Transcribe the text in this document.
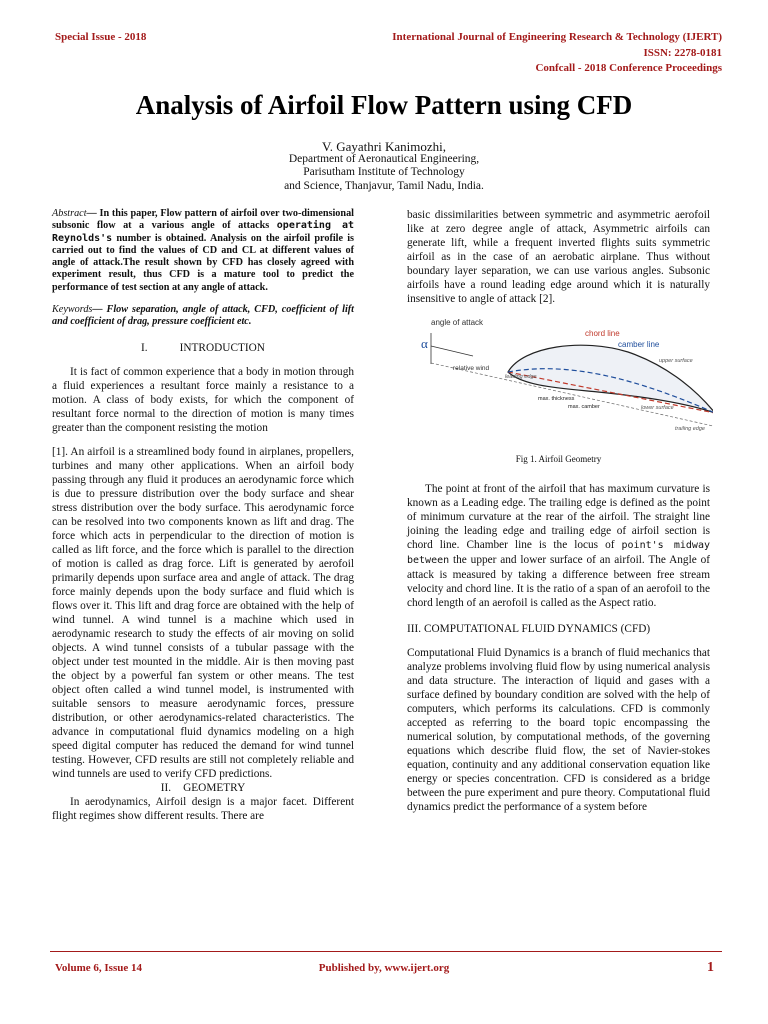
Special Issue - 2018	International Journal of Engineering Research & Technology (IJERT)
ISSN: 2278-0181
Confcall - 2018 Conference Proceedings
Analysis of Airfoil Flow Pattern using CFD
V. Gayathri Kanimozhi,
Department of Aeronautical Engineering,
Parisutham Institute of Technology
and Science, Thanjavur, Tamil Nadu, India.

Abstract— In this paper, Flow pattern of airfoil over two-dimensional subsonic flow at a various angle of attacks operating at Reynolds's number is obtained. Analysis on the airfoil profile is carried out to find the values of CD and CL at different values of angle of attack.The result shown by CFD has closely agreed with experiment result, thus CFD is a mature tool to predict the performance of test section at any angle of attack.

Keywords— Flow separation, angle of attack, CFD, coefficient of lift and coefficient of drag, pressure coefficient etc.

I.	INTRODUCTION

It is fact of common experience that a body in motion through a fluid experiences a resultant force mainly a resistance to a motion. A class of body exists, for which the component of resultant force normal to the direction of motion is many times greater than the component resisting the motion

[1]. An airfoil is a streamlined body found in airplanes, propellers, turbines and many other applications. When an airfoil body passing through any fluid it produces an aerodynamic force which is due to pressure distribution over the body surface and shear stress distribution over the body surface. This aerodynamic force can be resolved into two components known as lift and drag. The force which acts in perpendicular to the direction of motion is called as lift force, and the force which is parallel to the direction of motion is called as drag force. Lift is generated by aerofoil primarily depends upon surface area and angle of attack. The drag force mainly depends upon the body surface and fluid which is flows over it. This lift and drag force are obtained with the help of wind tunnel. A wind tunnel is a machine which used in aerodynamic research to study the effects of air moving on solid objects. A wind tunnel consists of a tubular passage with the object under test mounted in the middle. Air is then moving past the object by a powerful fan system or other means. The test object often called a wind tunnel model, is instrumented with suitable sensors to measure aerodynamic forces, pressure distribution, or other aerodynamics-related characteristics. The advance in computational fluid dynamics modeling on a high speed digital computer has reduced the demand for wind tunnel testing. However, CFD results are still not completely reliable and wind tunnels are used to verify CFD predictions.

II. GEOMETRY

In aerodynamics, Airfoil design is a major facet. Different flight regimes show different results. There are

basic dissimilarities between symmetric and asymmetric aerofoil like at zero degree angle of attack, Asymmetric airfoils can generate lift, while a frequent inverted flights suits symmetric airfoil as in the case of an aerobatic airplane. Thus without boundary layer separation, we can use various angles. Subsonic airfoils have a round leading edge around which it is naturally insensitive to angle of attack [2].

angle of attack
α
relative wind
chord line
camber line
upper surface
leading edge
max. thickness
max. camber	lower surface
trailing edge

Fig 1. Airfoil Geometry

The point at front of the airfoil that has maximum curvature is known as a Leading edge. The trailing edge is defined as the point of minimum curvature at the rear of the airfoil. The straight line joining the leading edge and trailing edge of airfoil section is chord line. Chamber line is the locus of point's midway between the upper and lower surface of an airfoil. The Angle of attack is measured by taking a difference between free stream velocity and chord line. It is the ratio of a span of an aerofoil to the chord length of an aerofoil is called as the Aspect ratio.

III. COMPUTATIONAL FLUID DYNAMICS (CFD)

Computational Fluid Dynamics is a branch of fluid mechanics that analyze problems involving fluid flow by using numerical analysis and data structure. The interaction of liquid and gases with a surface defined by boundary condition are solved with the help of computers, which performs its calculations. CFD is commonly accepted as referring to the board topic encompassing the numerical solution, by computational methods, of the governing equations which describe fluid flow, the set of Navier-stokes equation, continuity and any additional conservation equation like energy or species concentration. CFD is considered as a bridge between the pure experiment and pure theory. Computational fluid dynamics predict the performance of a system before

Volume 6, Issue 14	Published by, www.ijert.org	1
